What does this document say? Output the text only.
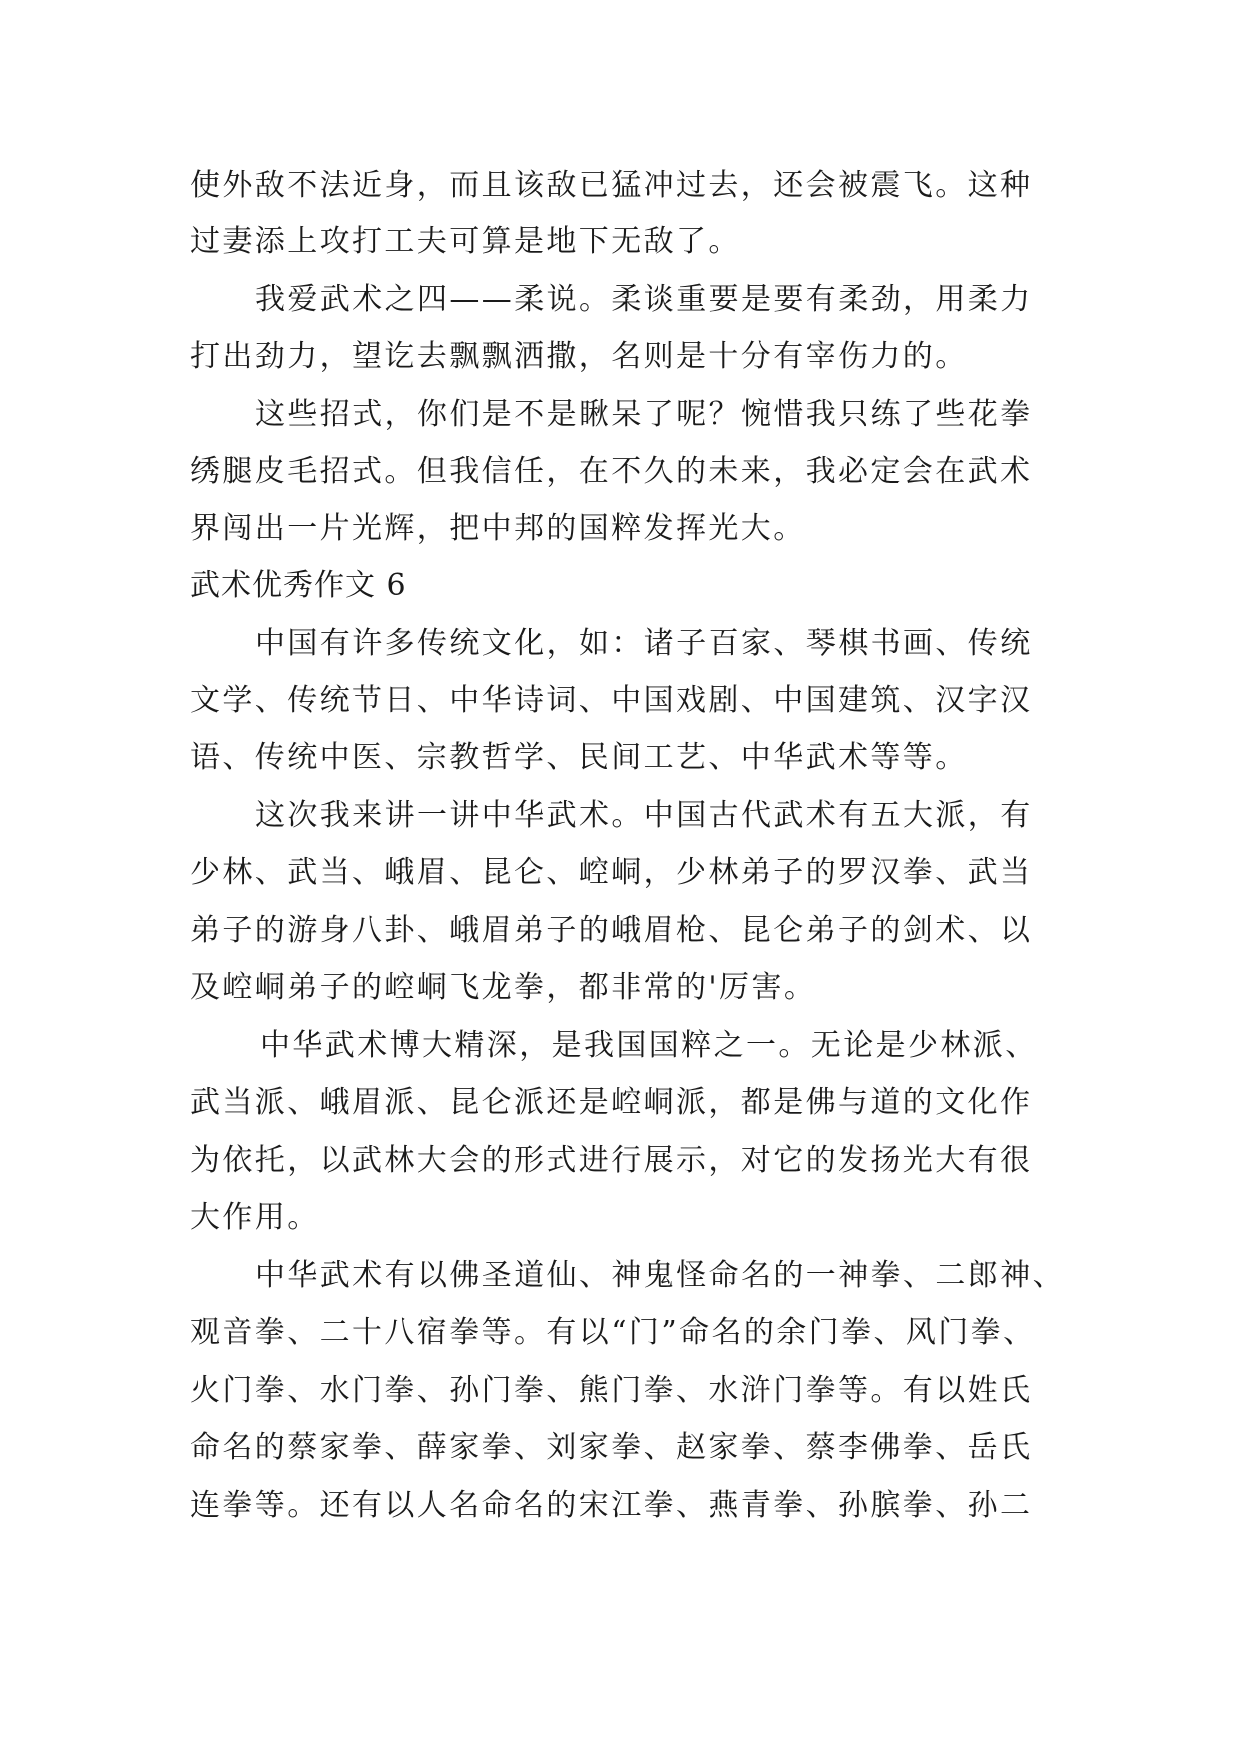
使外敌不法近身，而且该敌已猛冲过去，还会被震飞。这种
过妻添上攻打工夫可算是地下无敌了。
我爱武术之四——柔说。柔谈重要是要有柔劲，用柔力
打出劲力，望讫去飘飘洒撒，名则是十分有宰伤力的。
这些招式，你们是不是瞅呆了呢？惋惜我只练了些花拳
绣腿皮毛招式。但我信任，在不久的未来，我必定会在武术
界闯出一片光辉，把中邦的国粹发挥光大。
武术优秀作文 6
中国有许多传统文化，如：诸子百家、琴棋书画、传统
文学、传统节日、中华诗词、中国戏剧、中国建筑、汉字汉
语、传统中医、宗教哲学、民间工艺、中华武术等等。
这次我来讲一讲中华武术。中国古代武术有五大派，有
少林、武当、峨眉、昆仑、崆峒，少林弟子的罗汉拳、武当
弟子的游身八卦、峨眉弟子的峨眉枪、昆仑弟子的剑术、以
及崆峒弟子的崆峒飞龙拳，都非常的'厉害。
中华武术博大精深，是我国国粹之一。无论是少林派、
武当派、峨眉派、昆仑派还是崆峒派，都是佛与道的文化作
为依托，以武林大会的形式进行展示，对它的发扬光大有很
大作用。
中华武术有以佛圣道仙、神鬼怪命名的一神拳、二郎神、
观音拳、二十八宿拳等。有以“门”命名的余门拳、风门拳、
火门拳、水门拳、孙门拳、熊门拳、水浒门拳等。有以姓氏
命名的蔡家拳、薛家拳、刘家拳、赵家拳、蔡李佛拳、岳氏
连拳等。还有以人名命名的宋江拳、燕青拳、孙膑拳、孙二
